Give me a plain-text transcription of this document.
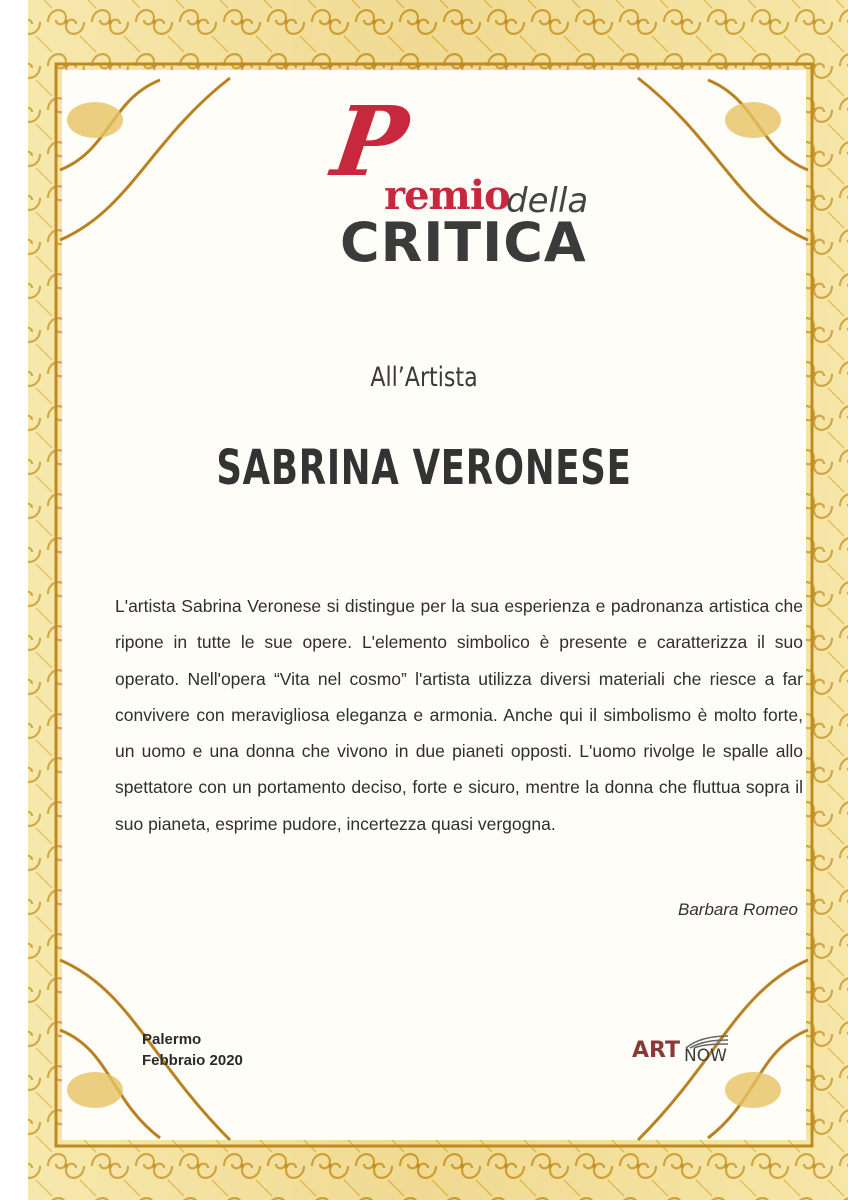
P
remio
della
CRITICA
All’Artista
SABRINA VERONESE
L'artista Sabrina Veronese si distingue per la sua esperienza e padronanza artistica che ripone in tutte le sue opere. L'elemento simbolico è presente e caratterizza il suo operato. Nell'opera “Vita nel cosmo” l'artista utilizza diversi materiali che riesce a far convivere con meravigliosa eleganza e armonia. Anche qui il simbolismo è molto forte, un uomo e una donna che vivono in due pianeti opposti. L'uomo rivolge le spalle allo spettatore con un portamento deciso, forte e sicuro, mentre la donna che fluttua sopra il suo pianeta, esprime pudore, incertezza quasi vergogna.
Barbara Romeo
Palermo
Febbraio 2020	ART NOW
